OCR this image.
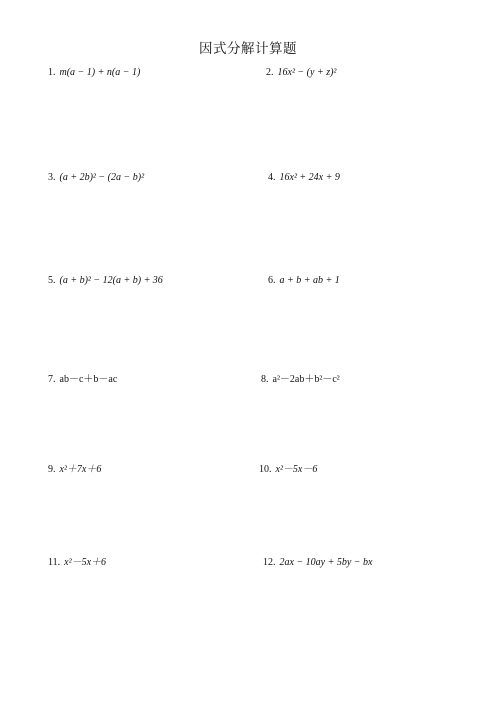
因式分解计算题
1. m(a − 1) + n(a − 1)	2. 16x² − (y + z)²
3. (a + 2b)² − (2a − b)²	4. 16x² + 24x + 9
5. (a + b)² − 12(a + b) + 36	6. a + b + ab + 1
7. ab－c＋b－ac	8. a²－2ab＋b²－c²
9. x²＋7x＋6	10. x²－5x－6
11. x²－5x＋6	12. 2ax − 10ay + 5by − bx
